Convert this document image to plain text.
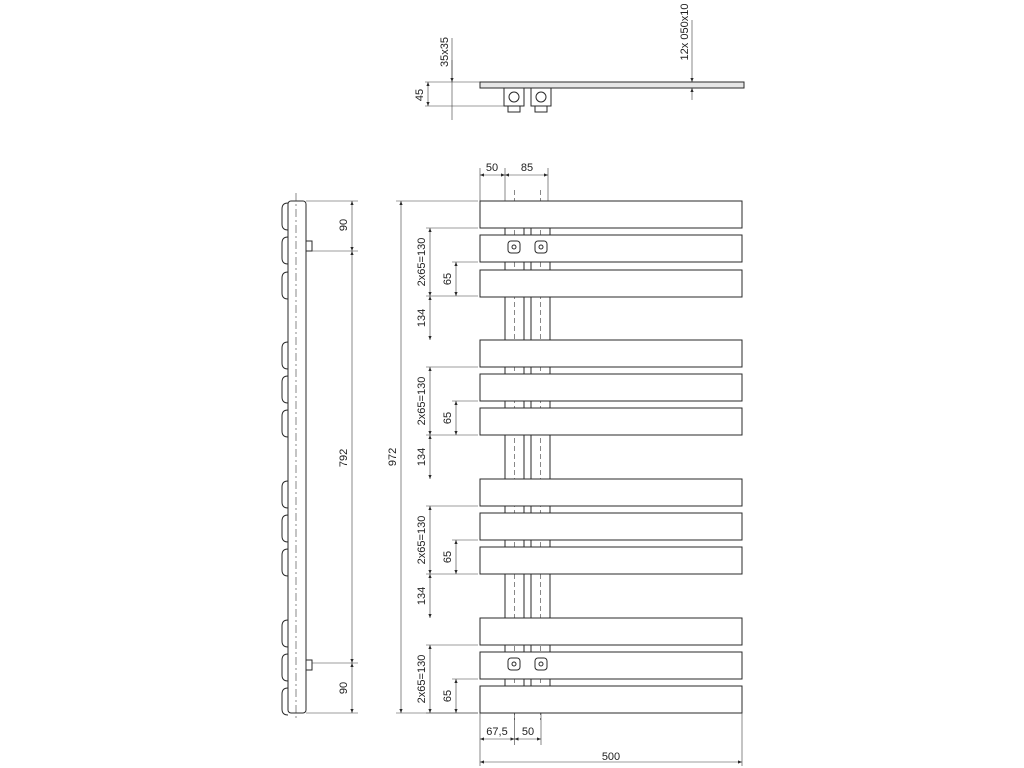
35x35
45
12x 050x10
90
792
90
50 85
972
2x65=130 65
134
2x65=130 65
134
2x65=130 65
134
2x65=130 65
67,5 50
500
